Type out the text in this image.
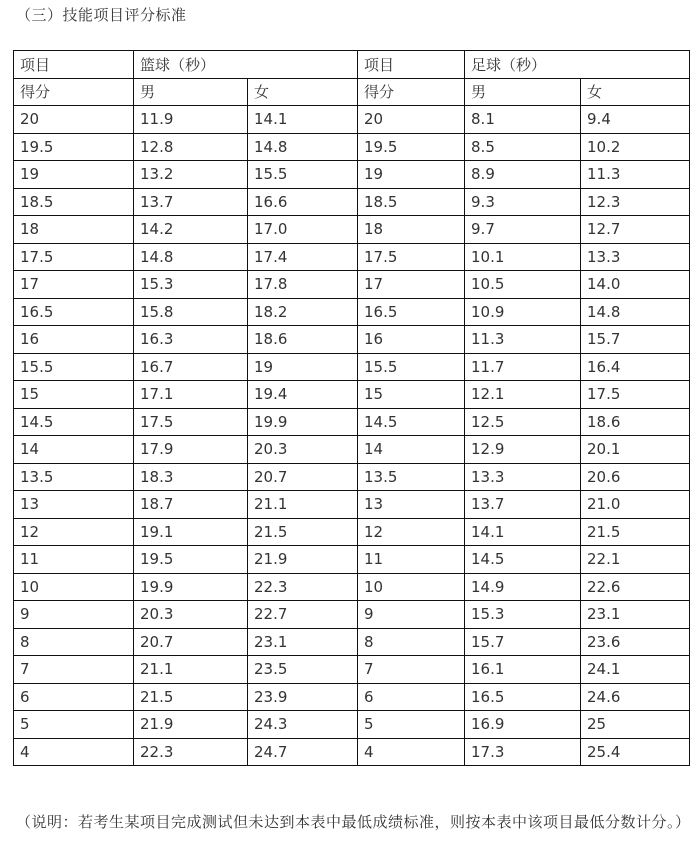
（三）技能项目评分标准
项目	篮球（秒）		项目	足球（秒）	
得分	男	女	得分	男	女
20	11.9	14.1	20	8.1	9.4
19.5	12.8	14.8	19.5	8.5	10.2
19	13.2	15.5	19	8.9	11.3
18.5	13.7	16.6	18.5	9.3	12.3
18	14.2	17.0	18	9.7	12.7
17.5	14.8	17.4	17.5	10.1	13.3
17	15.3	17.8	17	10.5	14.0
16.5	15.8	18.2	16.5	10.9	14.8
16	16.3	18.6	16	11.3	15.7
15.5	16.7	19	15.5	11.7	16.4
15	17.1	19.4	15	12.1	17.5
14.5	17.5	19.9	14.5	12.5	18.6
14	17.9	20.3	14	12.9	20.1
13.5	18.3	20.7	13.5	13.3	20.6
13	18.7	21.1	13	13.7	21.0
12	19.1	21.5	12	14.1	21.5
11	19.5	21.9	11	14.5	22.1
10	19.9	22.3	10	14.9	22.6
9	20.3	22.7	9	15.3	23.1
8	20.7	23.1	8	15.7	23.6
7	21.1	23.5	7	16.1	24.1
6	21.5	23.9	6	16.5	24.6
5	21.9	24.3	5	16.9	25
4	22.3	24.7	4	17.3	25.4
（说明：若考生某项目完成测试但未达到本表中最低成绩标准，则按本表中该项目最低分数计分。）
